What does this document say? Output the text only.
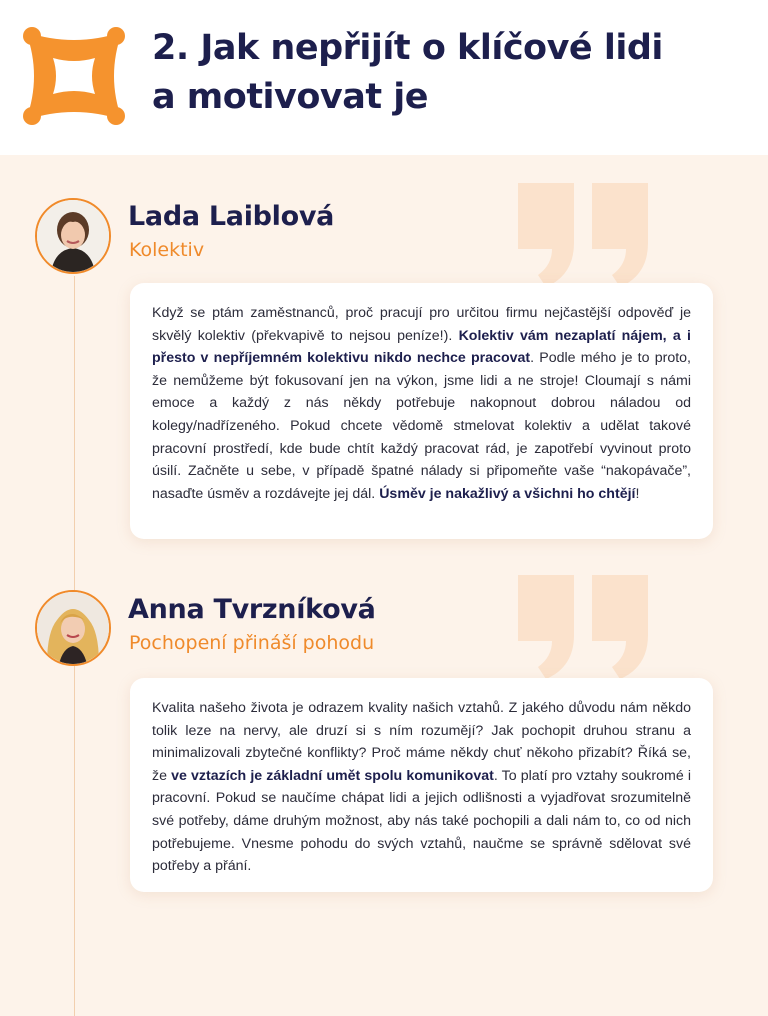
2. Jak nepřijít o klíčové lidi
a motivovat je
Lada Laiblová
Kolektiv
Když se ptám zaměstnanců, proč pracují pro určitou firmu nejčastější odpověď je skvělý kolektiv (překvapivě to nejsou peníze!). Kolektiv vám nezaplatí nájem, a i přesto v nepříjemném kolektivu nikdo nechce pracovat. Podle mého je to proto, že nemůžeme být fokusovaní jen na výkon, jsme lidi a ne stroje! Cloumají s námi emoce a každý z nás někdy potřebuje nakopnout dobrou náladou od kolegy/nadřízeného. Pokud chcete vědomě stmelovat kolektiv a udělat takové pracovní prostředí, kde bude chtít každý pracovat rád, je zapotřebí vyvinout proto úsilí. Začněte u sebe, v případě špatné nálady si připomeňte vaše “nakopávače”, nasaďte úsměv a rozdávejte jej dál. Úsměv je nakažlivý a všichni ho chtějí!
Anna Tvrzníková
Pochopení přináší pohodu
Kvalita našeho života je odrazem kvality našich vztahů. Z jakého důvodu nám někdo tolik leze na nervy, ale druzí si s ním rozumějí? Jak pochopit druhou stranu a minimalizovali zbytečné konflikty? Proč máme někdy chuť někoho přizabít? Říká se, že ve vztazích je základní umět spolu komunikovat. To platí pro vztahy soukromé i pracovní. Pokud se naučíme chápat lidi a jejich odlišnosti a vyjadřovat srozumitelně své potřeby, dáme druhým možnost, aby nás také pochopili a dali nám to, co od nich potřebujeme. Vnesme pohodu do svých vztahů, naučme se správně sdělovat své potřeby a přání.
